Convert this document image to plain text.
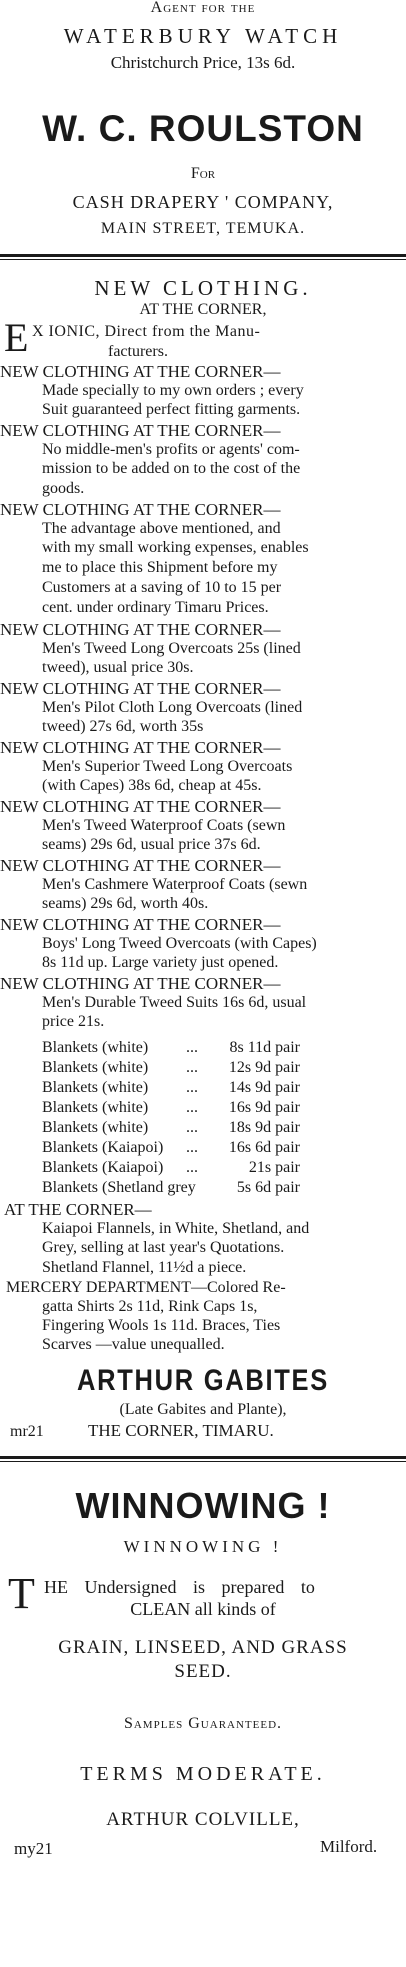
Agent for the
WATERBURY WATCH
Christchurch Price, 13s 6d.
W. C. ROULSTON
For
CASH DRAPERY ' COMPANY,
MAIN STREET, TEMUKA.
NEW CLOTHING.
AT THE CORNER,
E X IONIC, Direct from the Manu-
facturers.
NEW CLOTHING AT THE CORNER—
Made specially to my own orders ; every
Suit guaranteed perfect fitting garments.
NEW CLOTHING AT THE CORNER—
No middle-men's profits or agents' com-
mission to be added on to the cost of the
goods.
NEW CLOTHING AT THE CORNER—
The advantage above mentioned, and
with my small working expenses, enables
me to place this Shipment before my
Customers at a saving of 10 to 15 per
cent. under ordinary Timaru Prices.
NEW CLOTHING AT THE CORNER—
Men's Tweed Long Overcoats 25s (lined
tweed), usual price 30s.
NEW CLOTHING AT THE CORNER—
Men's Pilot Cloth Long Overcoats (lined
tweed) 27s 6d, worth 35s
NEW CLOTHING AT THE CORNER—
Men's Superior Tweed Long Overcoats
(with Capes) 38s 6d, cheap at 45s.
NEW CLOTHING AT THE CORNER—
Men's Tweed Waterproof Coats (sewn
seams) 29s 6d, usual price 37s 6d.
NEW CLOTHING AT THE CORNER—
Men's Cashmere Waterproof Coats (sewn
seams) 29s 6d, worth 40s.
NEW CLOTHING AT THE CORNER—
Boys' Long Tweed Overcoats (with Capes)
8s 11d up. Large variety just opened.
NEW CLOTHING AT THE CORNER—
Men's Durable Tweed Suits 16s 6d, usual
price 21s.
Blankets (white) ... 8s 11d pair
Blankets (white) ... 12s 9d pair
Blankets (white) ... 14s 9d pair
Blankets (white) ... 16s 9d pair
Blankets (white) ... 18s 9d pair
Blankets (Kaiapoi) ... 16s 6d pair
Blankets (Kaiapoi) ...	21s pair
Blankets (Shetland grey	5s 6d pair
AT THE CORNER—
Kaiapoi Flannels, in White, Shetland, and
Grey, selling at last year's Quotations.
Shetland Flannel, 11½d a piece.
MERCERY DEPARTMENT—Colored Re-
gatta Shirts 2s 11d, Rink Caps 1s,
Fingering Wools 1s 11d. Braces, Ties
Scarves —value unequalled.
ARTHUR GABITES
(Late Gabites and Plante),
mr21	THE CORNER, TIMARU.
WINNOWING !
WINNOWING !
T HE Undersigned is prepared to
CLEAN all kinds of
GRAIN, LINSEED, AND GRASS
SEED.
Samples Guaranteed.
TERMS MODERATE.
ARTHUR COLVILLE,
my21	Milford.
